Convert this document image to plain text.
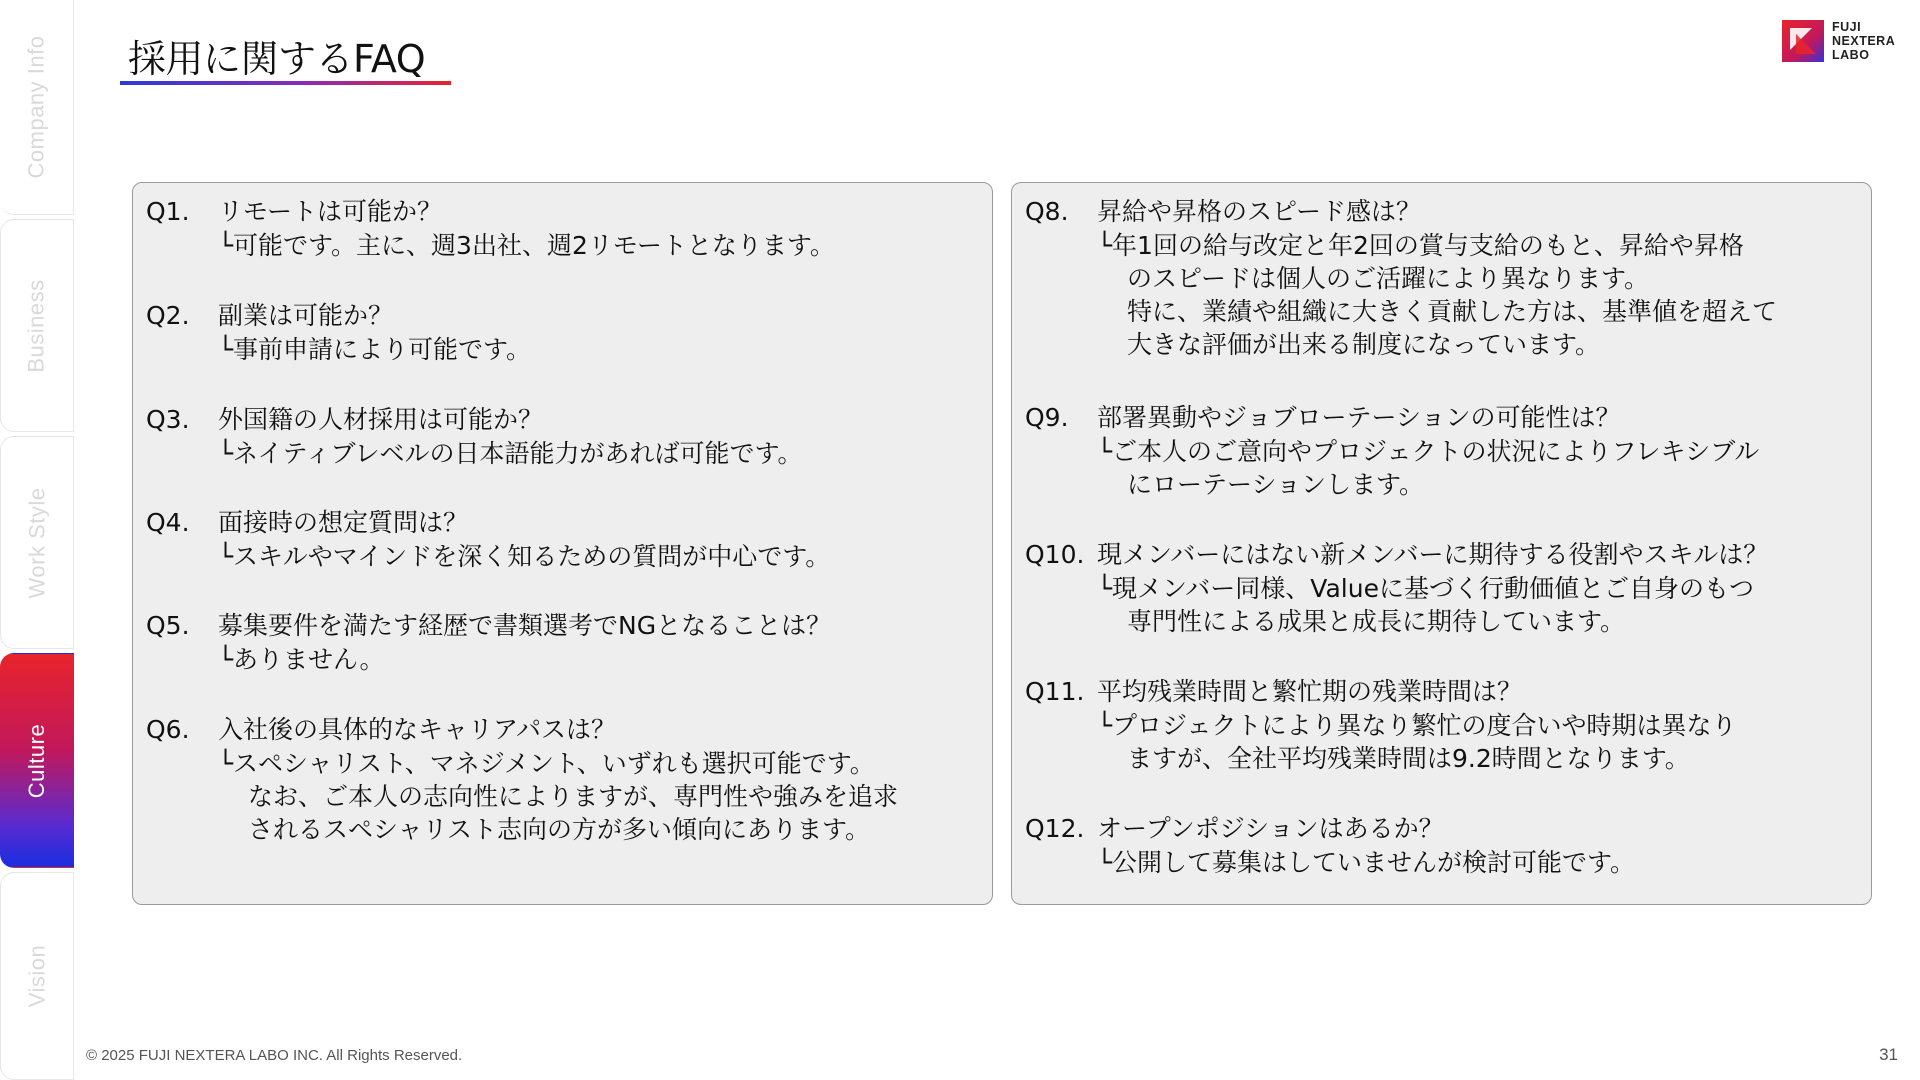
Company Info
Business
Work Style
Culture
Vision
採用に関するFAQ
FUJI
NEXTERA
LABO
Q1. リモートは可能か？
└可能です。主に、週3出社、週2リモートとなります。
Q2. 副業は可能か？
└事前申請により可能です。
Q3. 外国籍の人材採用は可能か？
└ネイティブレベルの日本語能力があれば可能です。
Q4. 面接時の想定質問は？
└スキルやマインドを深く知るための質問が中心です。
Q5. 募集要件を満たす経歴で書類選考でNGとなることは？
└ありません。
Q6. 入社後の具体的なキャリアパスは？
└スペシャリスト、マネジメント、いずれも選択可能です。
なお、ご本人の志向性によりますが、専門性や強みを追求
されるスペシャリスト志向の方が多い傾向にあります。
Q8. 昇給や昇格のスピード感は？
└年1回の給与改定と年2回の賞与支給のもと、昇給や昇格
のスピードは個人のご活躍により異なります。
特に、業績や組織に大きく貢献した方は、基準値を超えて
大きな評価が出来る制度になっています。
Q9. 部署異動やジョブローテーションの可能性は？
└ご本人のご意向やプロジェクトの状況によりフレキシブル
にローテーションします。
Q10. 現メンバーにはない新メンバーに期待する役割やスキルは？
└現メンバー同様、Valueに基づく行動価値とご自身のもつ
専門性による成果と成長に期待しています。
Q11. 平均残業時間と繁忙期の残業時間は？
└プロジェクトにより異なり繁忙の度合いや時期は異なり
ますが、全社平均残業時間は9.2時間となります。
Q12. オープンポジションはあるか？
└公開して募集はしていませんが検討可能です。
© 2025 FUJI NEXTERA LABO INC. All Rights Reserved.	31
